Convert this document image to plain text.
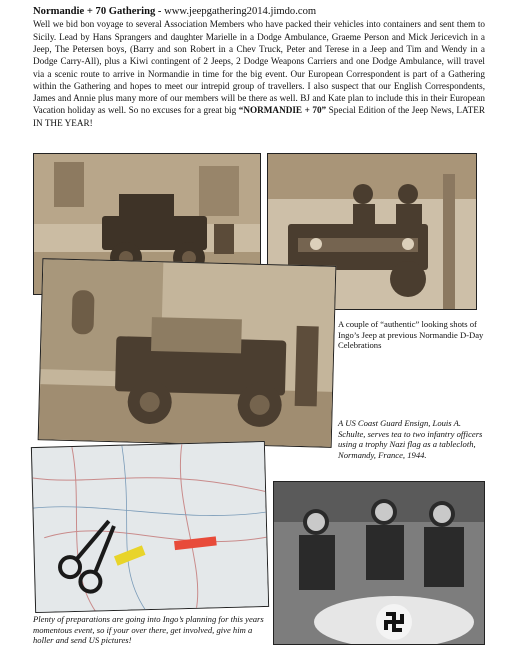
Normandie + 70 Gathering - www.jeepgathering2014.jimdo.com

Well we bid bon voyage to several Association Members who have packed their vehicles into containers and sent them to Sicily. Lead by Hans Sprangers and daughter Marielle in a Dodge Ambulance, Graeme Person and Mick Jericevich in a Jeep, The Petersen boys, (Barry and son Robert in a Chev Truck, Peter and Terese in a Jeep and Tim and Wendy in a Dodge Carry-All), plus a Kiwi contingent of 2 Jeeps, 2 Dodge Weapons Carriers and one Dodge Ambulance, will travel via a scenic route to arrive in Normandie in time for the big event. Our European Correspondent is part of a Gathering within the Gathering and hopes to meet our intrepid group of travellers. I also suspect that our English Correspondents, James and Annie plus many more of our members will be there as well. BJ and Kate plan to include this in their European Vacation holiday as well. So no excuses for a great big “NORMANDIE + 70” Special Edition of the Jeep News, LATER IN THE YEAR!

A couple of “authentic” looking shots of Ingo’s Jeep at previous Normandie D-Day Celebrations

A US Coast Guard Ensign, Louis A. Schulte, serves tea to two infantry officers using a trophy Nazi flag as a tablecloth, Normandy, France, 1944.

Plenty of preparations are going into Ingo’s planning for this years momentous event, so if your over there, get involved, give him a holler and send US pictures!
